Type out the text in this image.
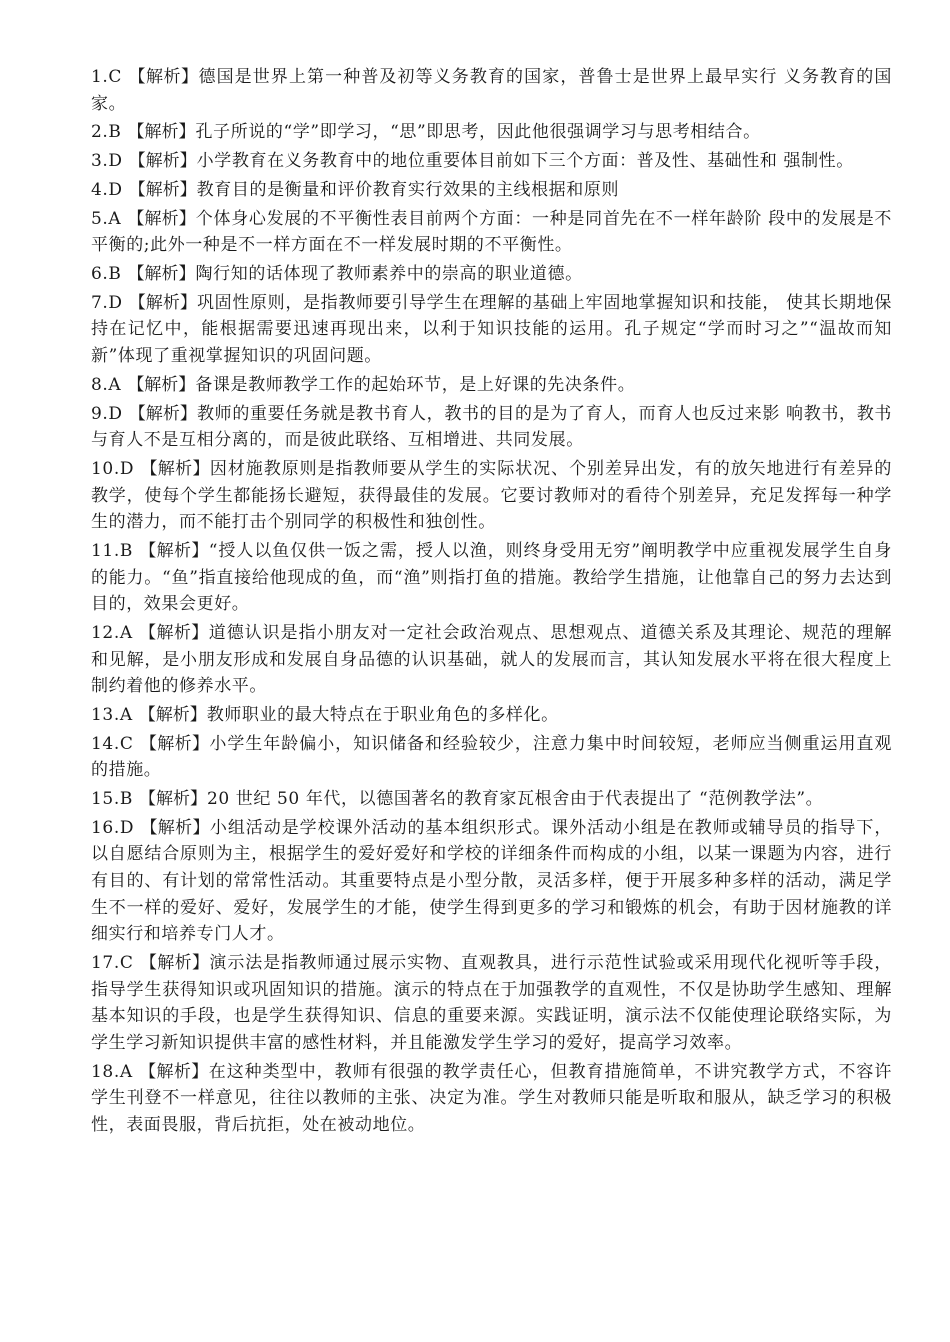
1.C 【解析】德国是世界上第一种普及初等义务教育的国家，普鲁士是世界上最早实行 义务教育的国家。

2.B 【解析】孔子所说的“学”即学习，“思”即思考，因此他很强调学习与思考相结合。

3.D 【解析】小学教育在义务教育中的地位重要体目前如下三个方面：普及性、基础性和 强制性。

4.D 【解析】教育目的是衡量和评价教育实行效果的主线根据和原则

5.A 【解析】个体身心发展的不平衡性表目前两个方面：一种是同首先在不一样年龄阶 段中的发展是不平衡的;此外一种是不一样方面在不一样发展时期的不平衡性。

6.B 【解析】陶行知的话体现了教师素养中的崇高的职业道德。

7.D 【解析】巩固性原则，是指教师要引导学生在理解的基础上牢固地掌握知识和技能， 使其长期地保持在记忆中，能根据需要迅速再现出来，以利于知识技能的运用。孔子规定“学而时习之”“温故而知新”体现了重视掌握知识的巩固问题。

8.A 【解析】备课是教师教学工作的起始环节，是上好课的先决条件。

9.D 【解析】教师的重要任务就是教书育人，教书的目的是为了育人，而育人也反过来影 响教书，教书与育人不是互相分离的，而是彼此联络、互相增进、共同发展。

10.D 【解析】因材施教原则是指教师要从学生的实际状况、个别差异出发，有的放矢地进行有差异的教学，使每个学生都能扬长避短，获得最佳的发展。它要讨教师对的看待个别差异，充足发挥每一种学生的潜力，而不能打击个别同学的积极性和独创性。

11.B 【解析】“授人以鱼仅供一饭之需，授人以渔，则终身受用无穷”阐明教学中应重视发展学生自身的能力。“鱼”指直接给他现成的鱼，而“渔”则指打鱼的措施。教给学生措施，让他靠自己的努力去达到目的，效果会更好。

12.A 【解析】道德认识是指小朋友对一定社会政治观点、思想观点、道德关系及其理论、规范的理解和见解，是小朋友形成和发展自身品德的认识基础，就人的发展而言，其认知发展水平将在很大程度上制约着他的修养水平。

13.A 【解析】教师职业的最大特点在于职业角色的多样化。

14.C 【解析】小学生年龄偏小，知识储备和经验较少，注意力集中时间较短，老师应当侧重运用直观的措施。

15.B 【解析】20 世纪 50 年代，以德国著名的教育家瓦根舍由于代表提出了 “范例教学法”。

16.D 【解析】小组活动是学校课外活动的基本组织形式。课外活动小组是在教师或辅导员的指导下，以自愿结合原则为主，根据学生的爱好爱好和学校的详细条件而构成的小组，以某一课题为内容，进行有目的、有计划的常常性活动。其重要特点是小型分散，灵活多样，便于开展多种多样的活动，满足学生不一样的爱好、爱好，发展学生的才能，使学生得到更多的学习和锻炼的机会，有助于因材施教的详细实行和培养专门人才。

17.C 【解析】演示法是指教师通过展示实物、直观教具，进行示范性试验或采用现代化视听等手段，指导学生获得知识或巩固知识的措施。演示的特点在于加强教学的直观性，不仅是协助学生感知、理解基本知识的手段，也是学生获得知识、信息的重要来源。实践证明，演示法不仅能使理论联络实际，为学生学习新知识提供丰富的感性材料，并且能激发学生学习的爱好，提高学习效率。

18.A 【解析】在这种类型中，教师有很强的教学责任心，但教育措施简单，不讲究教学方式，不容许学生刊登不一样意见，往往以教师的主张、决定为准。学生对教师只能是听取和服从，缺乏学习的积极性，表面畏服，背后抗拒，处在被动地位。
